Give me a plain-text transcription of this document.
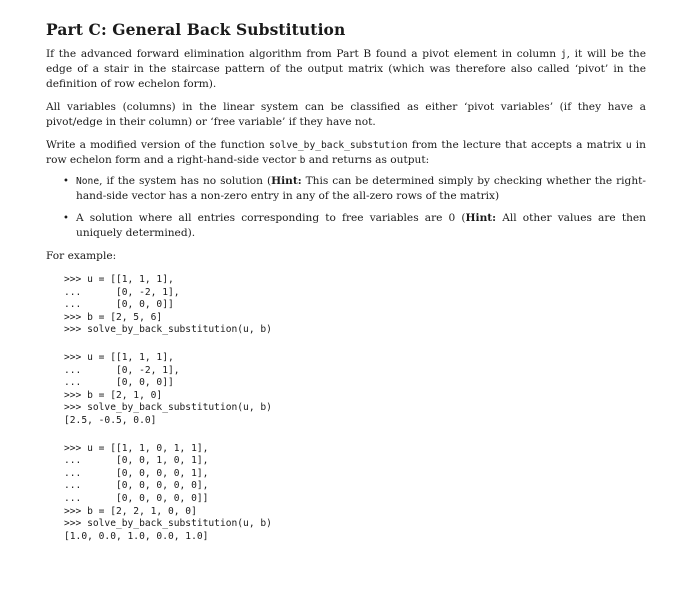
Part C: General Back Substitution

If the advanced forward elimination algorithm from Part B found a pivot element in column j, it will be the edge of a stair in the staircase pattern of the output matrix (which was therefore also called ‘pivot’ in the definition of row echelon form).

All variables (columns) in the linear system can be classified as either ‘pivot variables’ (if they have a pivot/edge in their column) or ‘free variable’ if they have not.

Write a modified version of the function solve_by_back_substution from the lecture that accepts a matrix u in row echelon form and a right-hand-side vector b and returns as output:

• None, if the system has no solution (Hint: This can be determined simply by checking whether the right-hand-side vector has a non-zero entry in any of the all-zero rows of the matrix)
• A solution where all entries corresponding to free variables are 0 (Hint: All other values are then uniquely determined).

For example:

>>> u = [[1, 1, 1],
...      [0, -2, 1],
...      [0, 0, 0]]
>>> b = [2, 5, 6]
>>> solve_by_back_substitution(u, b)
>>> u = [[1, 1, 1],
...      [0, -2, 1],
...      [0, 0, 0]]
>>> b = [2, 1, 0]
>>> solve_by_back_substitution(u, b)
[2.5, -0.5, 0.0]
>>> u = [[1, 1, 0, 1, 1],
...      [0, 0, 1, 0, 1],
...      [0, 0, 0, 0, 1],
...      [0, 0, 0, 0, 0],
...      [0, 0, 0, 0, 0]]
>>> b = [2, 2, 1, 0, 0]
>>> solve_by_back_substitution(u, b)
[1.0, 0.0, 1.0, 0.0, 1.0]
